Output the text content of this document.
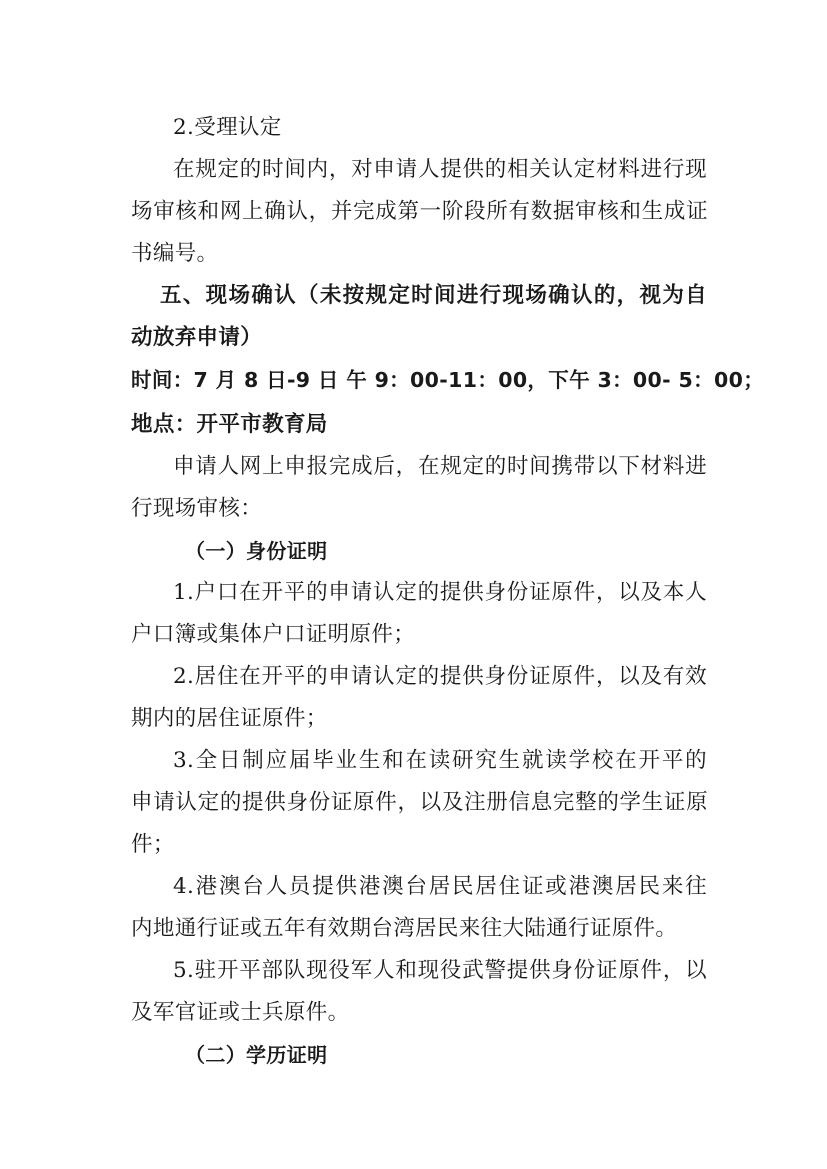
2.受理认定
在规定的时间内，对申请人提供的相关认定材料进行现
场审核和网上确认，并完成第一阶段所有数据审核和生成证
书编号。
五、现场确认（未按规定时间进行现场确认的，视为自
动放弃申请）
时间：7 月 8 日-9 日 午 9：00-11：00，下午 3：00- 5：00；
地点：开平市教育局
申请人网上申报完成后，在规定的时间携带以下材料进
行现场审核：
（一）身份证明
1.户口在开平的申请认定的提供身份证原件，以及本人
户口簿或集体户口证明原件；
2.居住在开平的申请认定的提供身份证原件，以及有效
期内的居住证原件；
3.全日制应届毕业生和在读研究生就读学校在开平的
申请认定的提供身份证原件，以及注册信息完整的学生证原
件；
4.港澳台人员提供港澳台居民居住证或港澳居民来往
内地通行证或五年有效期台湾居民来往大陆通行证原件。
5.驻开平部队现役军人和现役武警提供身份证原件，以
及军官证或士兵原件。
（二）学历证明
